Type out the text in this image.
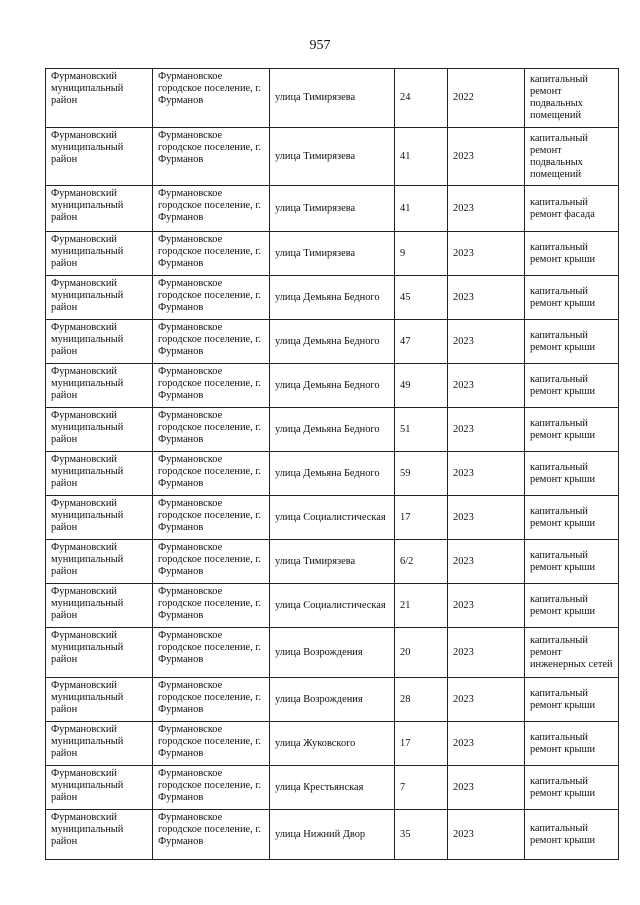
957
Фурмановский муниципальный район	Фурмановское городское поселение, г. Фурманов	улица Тимирязева	24	2022	капитальный ремонт подвальных помещений
Фурмановский муниципальный район	Фурмановскоe городское поселение, г. Фурманов	улица Тимирязева	41	2023	капитальный ремонт подвальных помещений
Фурмановский муниципальный район	Фурмановское городское поселение, г. Фурманов	улица Тимирязева	41	2023	капитальный ремонт фасада
Фурмановский муниципальный район	Фурмановское городское поселение, г. Фурманов	улица Тимирязева	9	2023	капитальный ремонт крыши
Фурмановский муниципальный район	Фурмановское городское поселение, г. Фурманов	улица Демьяна Бедного	45	2023	капитальный ремонт крыши
Фурмановский муниципальный район	Фурмановское городское поселение, г. Фурманов	улица Демьяна Бедного	47	2023	капитальный ремонт крыши
Фурмановский муниципальный район	Фурмановское городское поселение, г. Фурманов	улица Демьяна Бедного	49	2023	капитальный ремонт крыши
Фурмановский муниципальный район	Фурмановское городское поселение, г. Фурманов	улица Демьяна Бедного	51	2023	капитальный ремонт крыши
Фурмановский муниципальный район	Фурмановское городское поселение, г. Фурманов	улица Демьяна Бедного	59	2023	капитальный ремонт крыши
Фурмановский муниципальный район	Фурмановское городское поселение, г. Фурманов	улица Социалистическая	17	2023	капитальный ремонт крыши
Фурмановский муниципальный район	Фурмановское городское поселение, г. Фурманов	улица Тимирязева	6/2	2023	капитальный ремонт крыши
Фурмановский муниципальный район	Фурмановское городское поселение, г. Фурманов	улица Социалистическая	21	2023	капитальный ремонт крыши
Фурмановский муниципальный район	Фурмановское городское поселение, г. Фурманов	улица Возрождения	20	2023	капитальный ремонт инженерных сетей
Фурмановский муниципальный район	Фурмановское городское поселение, г. Фурманов	улица Возрождения	28	2023	капитальный ремонт крыши
Фурмановский муниципальный район	Фурмановское городское поселение, г. Фурманов	улица Жуковского	17	2023	капитальный ремонт крыши
Фурмановский муниципальный район	Фурмановское городское поселение, г. Фурманов	улица Крестьянская	7	2023	капитальный ремонт крыши
Фурмановский муниципальный район	Фурмановское городское поселение, г. Фурманов	улица Нижний Двор	35	2023	капитальный ремонт крыши
